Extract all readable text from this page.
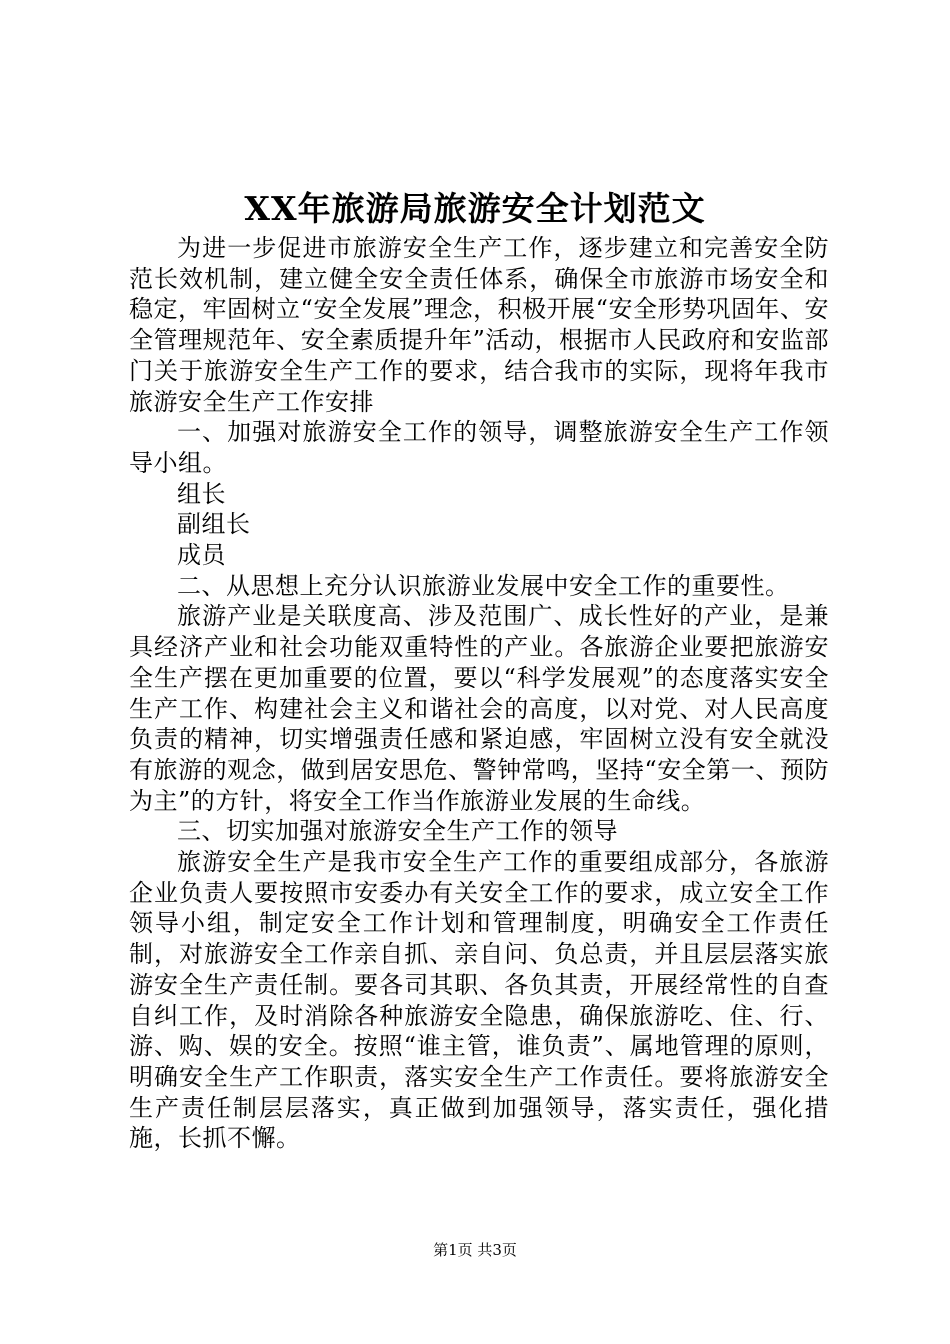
XX年旅游局旅游安全计划范文

为进一步促进市旅游安全生产工作，逐步建立和完善安全防范长效机制，建立健全安全责任体系，确保全市旅游市场安全和稳定，牢固树立“安全发展”理念，积极开展“安全形势巩固年、安全管理规范年、安全素质提升年”活动，根据市人民政府和安监部门关于旅游安全生产工作的要求，结合我市的实际，现将年我市旅游安全生产工作安排

一、加强对旅游安全工作的领导，调整旅游安全生产工作领导小组。

组长

副组长

成员

二、从思想上充分认识旅游业发展中安全工作的重要性。

旅游产业是关联度高、涉及范围广、成长性好的产业，是兼具经济产业和社会功能双重特性的产业。各旅游企业要把旅游安全生产摆在更加重要的位置，要以“科学发展观”的态度落实安全生产工作、构建社会主义和谐社会的高度，以对党、对人民高度负责的精神，切实增强责任感和紧迫感，牢固树立没有安全就没有旅游的观念，做到居安思危、警钟常鸣，坚持“安全第一、预防为主”的方针，将安全工作当作旅游业发展的生命线。

三、切实加强对旅游安全生产工作的领导

旅游安全生产是我市安全生产工作的重要组成部分，各旅游企业负责人要按照市安委办有关安全工作的要求，成立安全工作领导小组，制定安全工作计划和管理制度，明确安全工作责任制，对旅游安全工作亲自抓、亲自问、负总责，并且层层落实旅游安全生产责任制。要各司其职、各负其责，开展经常性的自查自纠工作，及时消除各种旅游安全隐患，确保旅游吃、住、行、游、购、娱的安全。按照“谁主管，谁负责”、属地管理的原则，明确安全生产工作职责，落实安全生产工作责任。要将旅游安全生产责任制层层落实，真正做到加强领导，落实责任，强化措施，长抓不懈。

第1页 共3页
